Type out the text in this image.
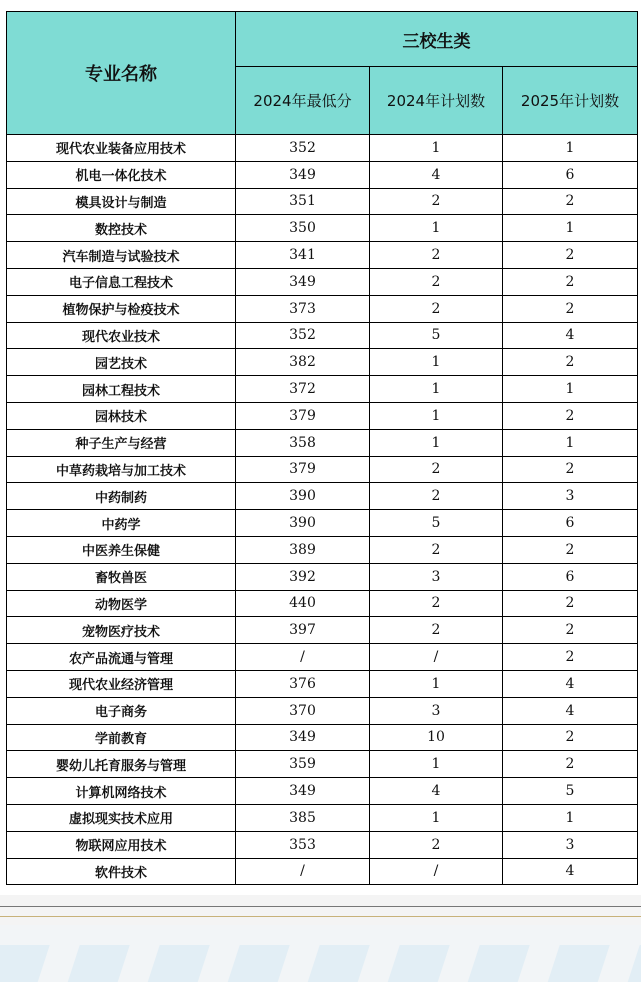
专业名称	三校生类		
	2024年最低分	2024年计划数	2025年计划数
现代农业装备应用技术	352	1	1
机电一体化技术	349	4	6
模具设计与制造	351	2	2
数控技术	350	1	1
汽车制造与试验技术	341	2	2
电子信息工程技术	349	2	2
植物保护与检疫技术	373	2	2
现代农业技术	352	5	4
园艺技术	382	1	2
园林工程技术	372	1	1
园林技术	379	1	2
种子生产与经营	358	1	1
中草药栽培与加工技术	379	2	2
中药制药	390	2	3
中药学	390	5	6
中医养生保健	389	2	2
畜牧兽医	392	3	6
动物医学	440	2	2
宠物医疗技术	397	2	2
农产品流通与管理	/	/	2
现代农业经济管理	376	1	4
电子商务	370	3	4
学前教育	349	10	2
婴幼儿托育服务与管理	359	1	2
计算机网络技术	349	4	5
虚拟现实技术应用	385	1	1
物联网应用技术	353	2	3
软件技术	/	/	4
